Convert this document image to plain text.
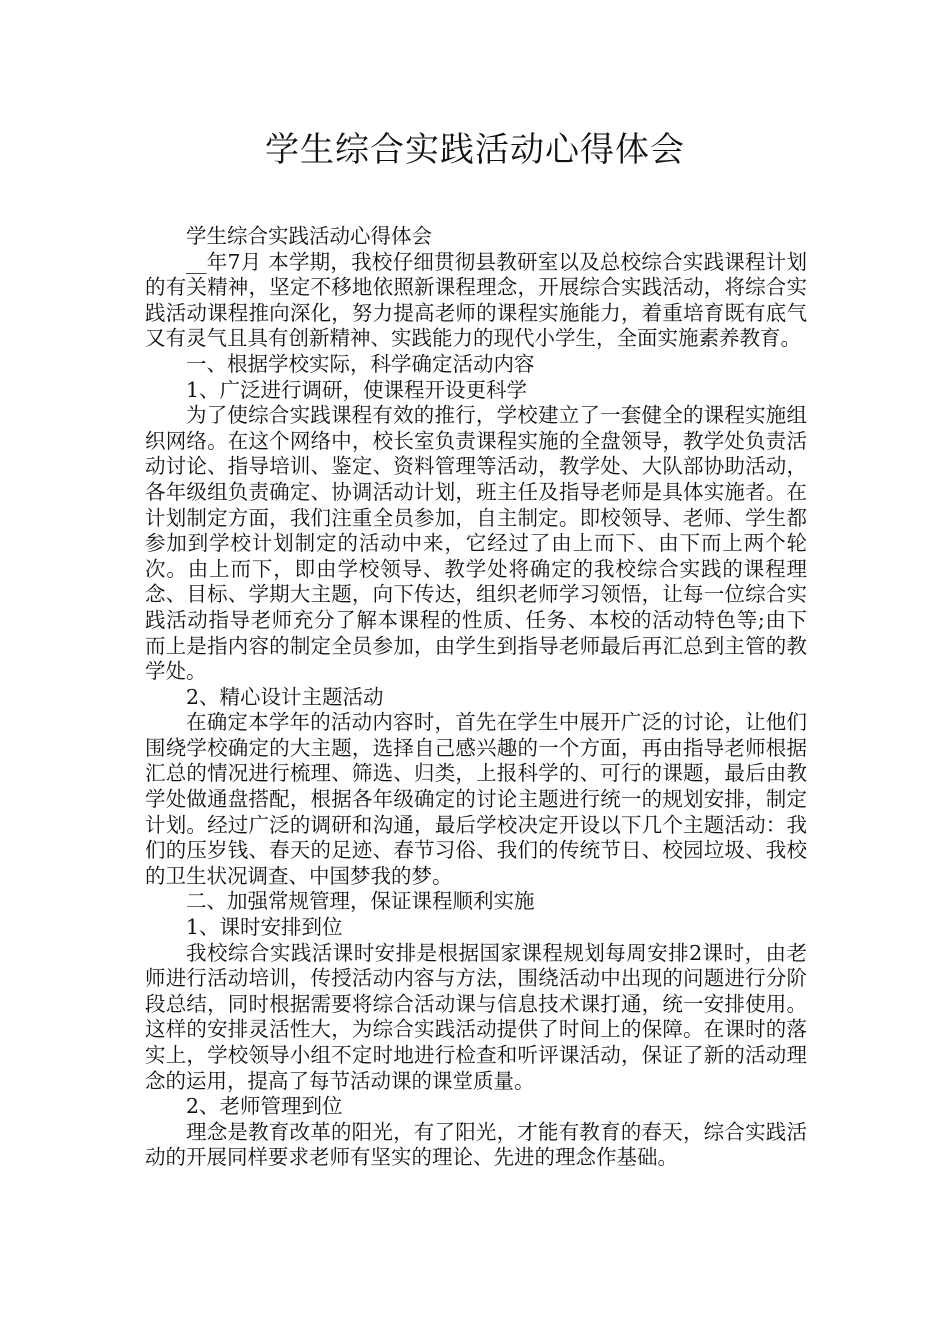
学生综合实践活动心得体会

学生综合实践活动心得体会

__年7月 本学期，我校仔细贯彻县教研室以及总校综合实践课程计划的有关精神，坚定不移地依照新课程理念，开展综合实践活动，将综合实践活动课程推向深化，努力提高老师的课程实施能力，着重培育既有底气又有灵气且具有创新精神、实践能力的现代小学生，全面实施素养教育。

一、根据学校实际，科学确定活动内容

1、广泛进行调研，使课程开设更科学

为了使综合实践课程有效的推行，学校建立了一套健全的课程实施组织网络。在这个网络中，校长室负责课程实施的全盘领导，教学处负责活动讨论、指导培训、鉴定、资料管理等活动，教学处、大队部协助活动，各年级组负责确定、协调活动计划，班主任及指导老师是具体实施者。在计划制定方面，我们注重全员参加，自主制定。即校领导、老师、学生都参加到学校计划制定的活动中来，它经过了由上而下、由下而上两个轮次。由上而下，即由学校领导、教学处将确定的我校综合实践的课程理念、目标、学期大主题，向下传达，组织老师学习领悟，让每一位综合实践活动指导老师充分了解本课程的性质、任务、本校的活动特色等;由下而上是指内容的制定全员参加，由学生到指导老师最后再汇总到主管的教学处。

2、精心设计主题活动

在确定本学年的活动内容时，首先在学生中展开广泛的讨论，让他们围绕学校确定的大主题，选择自己感兴趣的一个方面，再由指导老师根据汇总的情况进行梳理、筛选、归类，上报科学的、可行的课题，最后由教学处做通盘搭配，根据各年级确定的讨论主题进行统一的规划安排，制定计划。经过广泛的调研和沟通，最后学校决定开设以下几个主题活动：我们的压岁钱、春天的足迹、春节习俗、我们的传统节日、校园垃圾、我校的卫生状况调查、中国梦我的梦。

二、加强常规管理，保证课程顺利实施

1、课时安排到位

我校综合实践活课时安排是根据国家课程规划每周安排2课时，由老师进行活动培训，传授活动内容与方法，围绕活动中出现的问题进行分阶段总结，同时根据需要将综合活动课与信息技术课打通，统一安排使用。这样的安排灵活性大，为综合实践活动提供了时间上的保障。在课时的落实上，学校领导小组不定时地进行检查和听评课活动，保证了新的活动理念的运用，提高了每节活动课的课堂质量。

2、老师管理到位

理念是教育改革的阳光，有了阳光，才能有教育的春天，综合实践活动的开展同样要求老师有坚实的理论、先进的理念作基础。
